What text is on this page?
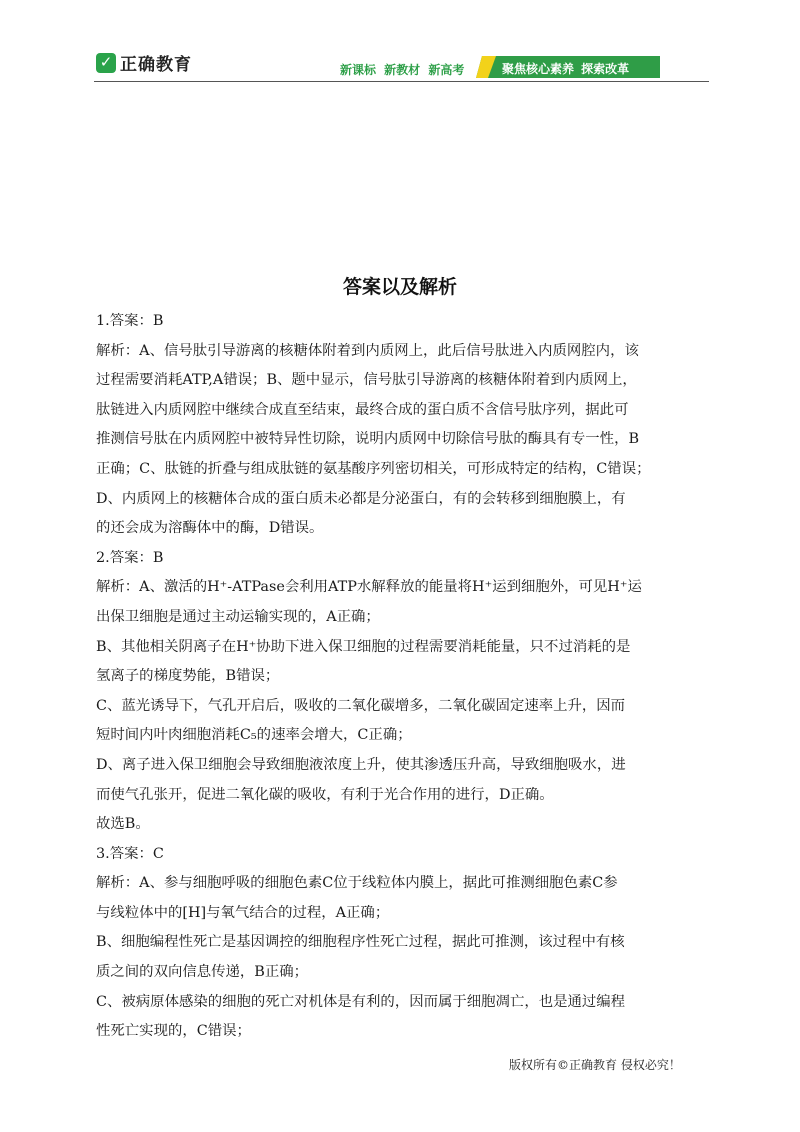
✓ 正确教育	新课标 新教材 新高考	聚焦核心素养 探索改革
答案以及解析
1.答案：B
解析：A、信号肽引导游离的核糖体附着到内质网上，此后信号肽进入内质网腔内，该
过程需要消耗ATP,A错误；B、题中显示，信号肽引导游离的核糖体附着到内质网上，
肽链进入内质网腔中继续合成直至结束，最终合成的蛋白质不含信号肽序列，据此可
推测信号肽在内质网腔中被特异性切除，说明内质网中切除信号肽的酶具有专一性，B
正确；C、肽链的折叠与组成肽链的氨基酸序列密切相关，可形成特定的结构，C错误；
D、内质网上的核糖体合成的蛋白质未必都是分泌蛋白，有的会转移到细胞膜上，有
的还会成为溶酶体中的酶，D错误。
2.答案：B
解析：A、激活的H⁺-ATPase会利用ATP水解释放的能量将H⁺运到细胞外，可见H⁺运
出保卫细胞是通过主动运输实现的，A正确；
B、其他相关阴离子在H⁺协助下进入保卫细胞的过程需要消耗能量，只不过消耗的是
氢离子的梯度势能，B错误；
C、蓝光诱导下，气孔开启后，吸收的二氧化碳增多，二氧化碳固定速率上升，因而
短时间内叶肉细胞消耗C₅的速率会增大，C正确；
D、离子进入保卫细胞会导致细胞液浓度上升，使其渗透压升高，导致细胞吸水，进
而使气孔张开，促进二氧化碳的吸收，有利于光合作用的进行，D正确。
故选B。
3.答案：C
解析：A、参与细胞呼吸的细胞色素C位于线粒体内膜上，据此可推测细胞色素C参
与线粒体中的[H]与氧气结合的过程，A正确；
B、细胞编程性死亡是基因调控的细胞程序性死亡过程，据此可推测，该过程中有核
质之间的双向信息传递，B正确；
C、被病原体感染的细胞的死亡对机体是有利的，因而属于细胞凋亡，也是通过编程
性死亡实现的，C错误；
版权所有©正确教育 侵权必究！
